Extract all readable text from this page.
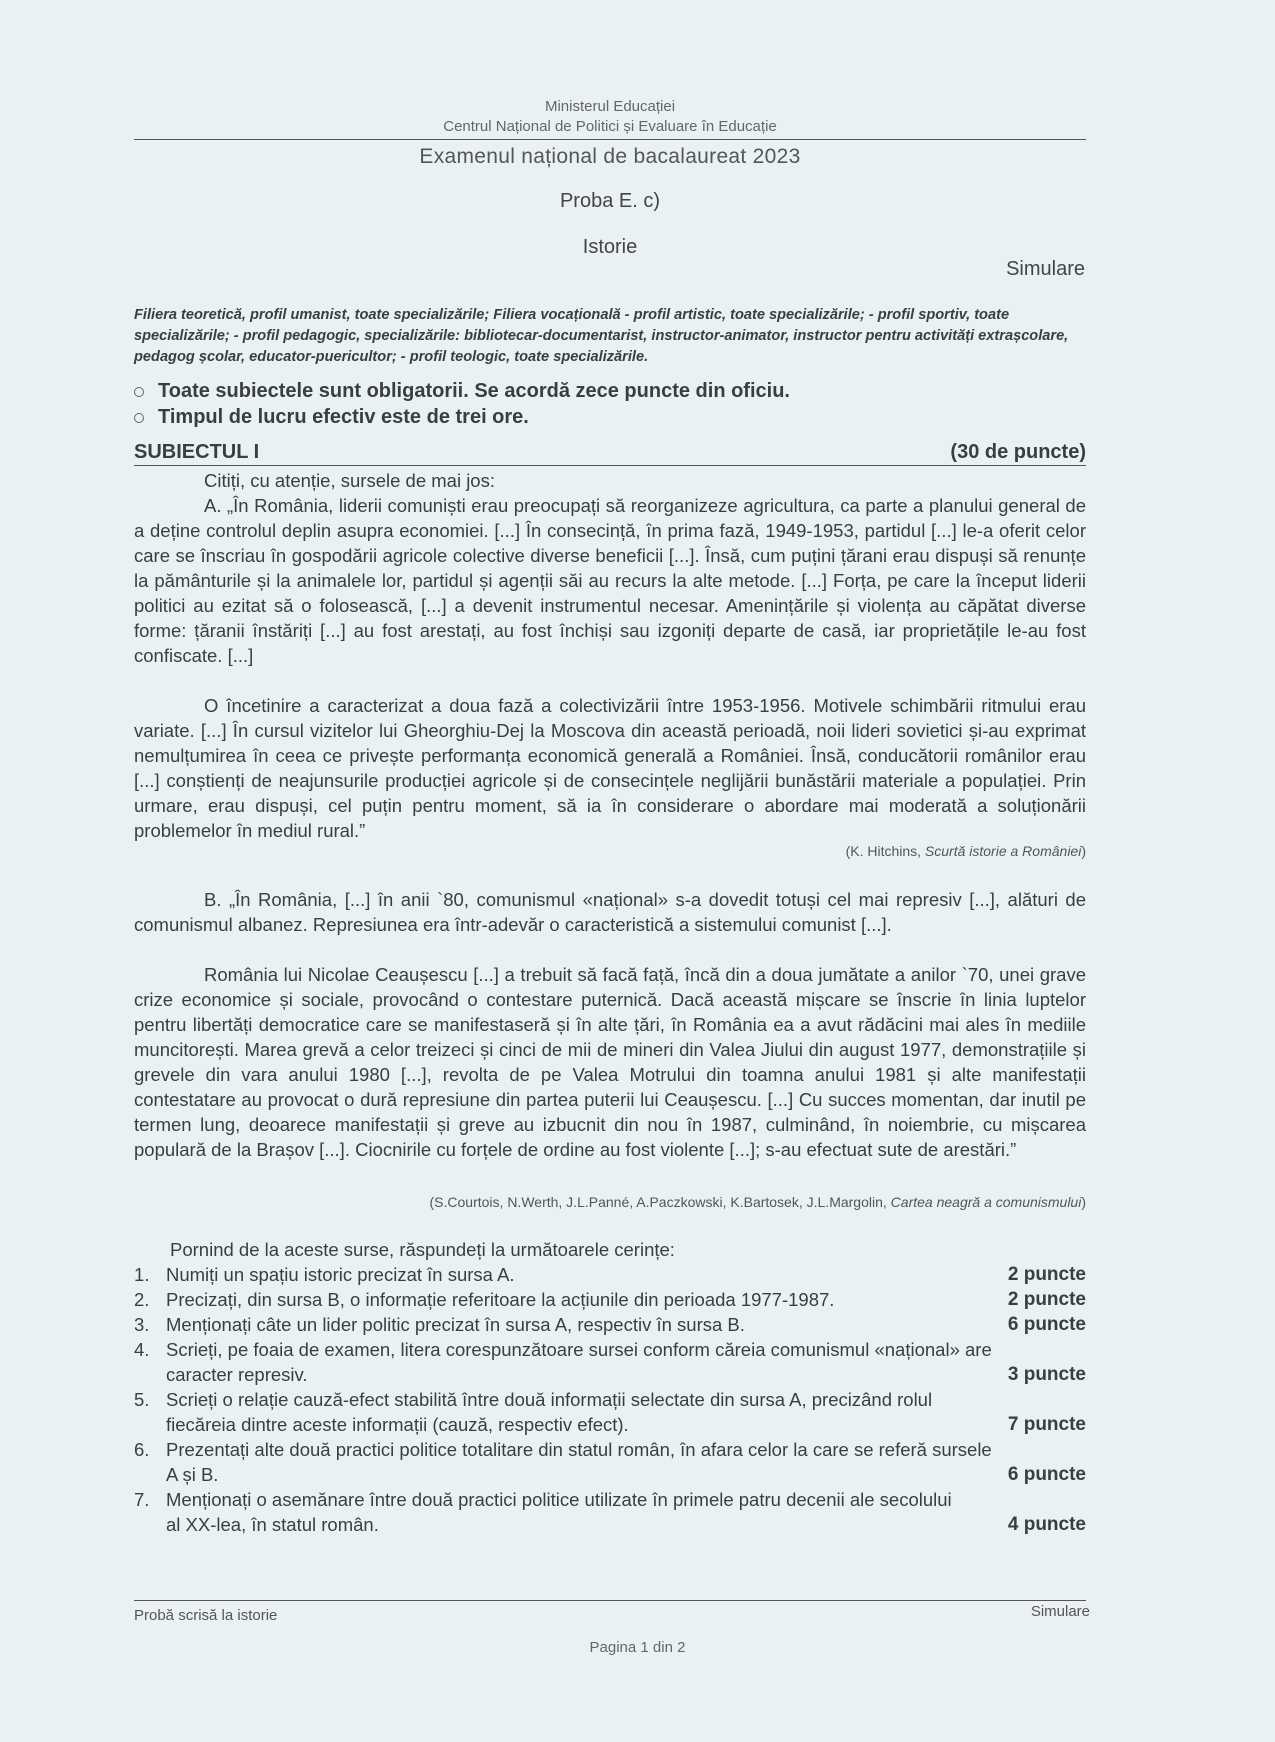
Ministerul Educației
Centrul Național de Politici și Evaluare în Educație
Examenul național de bacalaureat 2023
Proba E. c)
Istorie
Simulare
Filiera teoretică, profil umanist, toate specializările; Filiera vocațională - profil artistic, toate specializările; - profil sportiv, toate specializările; - profil pedagogic, specializările: bibliotecar-documentarist, instructor-animator, instructor pentru activități extrașcolare, pedagog școlar, educator-puericultor; - profil teologic, toate specializările.
Toate subiectele sunt obligatorii. Se acordă zece puncte din oficiu.
Timpul de lucru efectiv este de trei ore.
SUBIECTUL I	(30 de puncte)
Citiți, cu atenție, sursele de mai jos:
A. „În România, liderii comuniști erau preocupați să reorganizeze agricultura, ca parte a planului general de a deține controlul deplin asupra economiei. [...] În consecință, în prima fază, 1949-1953, partidul [...] le-a oferit celor care se înscriau în gospodării agricole colective diverse beneficii [...]. Însă, cum puțini țărani erau dispuși să renunțe la pământurile și la animalele lor, partidul și agenții săi au recurs la alte metode. [...] Forța, pe care la început liderii politici au ezitat să o folosească, [...] a devenit instrumentul necesar. Amenințările și violența au căpătat diverse forme: țăranii înstăriți [...] au fost arestați, au fost închiși sau izgoniți departe de casă, iar proprietățile le-au fost confiscate. [...]
O încetinire a caracterizat a doua fază a colectivizării între 1953-1956. Motivele schimbării ritmului erau variate. [...] În cursul vizitelor lui Gheorghiu-Dej la Moscova din această perioadă, noii lideri sovietici și-au exprimat nemulțumirea în ceea ce privește performanța economică generală a României. Însă, conducătorii românilor erau [...] conștienți de neajunsurile producției agricole și de consecințele neglijării bunăstării materiale a populației. Prin urmare, erau dispuși, cel puțin pentru moment, să ia în considerare o abordare mai moderată a soluționării problemelor în mediul rural.”
(K. Hitchins, Scurtă istorie a României)
B. „În România, [...] în anii `80, comunismul «național» s-a dovedit totuși cel mai represiv [...], alături de comunismul albanez. Represiunea era într-adevăr o caracteristică a sistemului comunist [...].
România lui Nicolae Ceaușescu [...] a trebuit să facă față, încă din a doua jumătate a anilor `70, unei grave crize economice și sociale, provocând o contestare puternică. Dacă această mișcare se înscrie în linia luptelor pentru libertăți democratice care se manifestaseră și în alte țări, în România ea a avut rădăcini mai ales în mediile muncitorești. Marea grevă a celor treizeci și cinci de mii de mineri din Valea Jiului din august 1977, demonstrațiile și grevele din vara anului 1980 [...], revolta de pe Valea Motrului din toamna anului 1981 și alte manifestații contestatare au provocat o dură represiune din partea puterii lui Ceaușescu. [...] Cu succes momentan, dar inutil pe termen lung, deoarece manifestații și greve au izbucnit din nou în 1987, culminând, în noiembrie, cu mișcarea populară de la Brașov [...]. Ciocnirile cu forțele de ordine au fost violente [...]; s-au efectuat sute de arestări.”
(S.Courtois, N.Werth, J.L.Panné, A.Paczkowski, K.Bartosek, J.L.Margolin, Cartea neagră a comunismului)
Pornind de la aceste surse, răspundeți la următoarele cerințe:
1. Numiți un spațiu istoric precizat în sursa A.	2 puncte
2. Precizați, din sursa B, o informație referitoare la acțiunile din perioada 1977-1987.	2 puncte
3. Menționați câte un lider politic precizat în sursa A, respectiv în sursa B.	6 puncte
4. Scrieți, pe foaia de examen, litera corespunzătoare sursei conform căreia comunismul «național» are
caracter represiv.	3 puncte
5. Scrieți o relație cauză-efect stabilită între două informații selectate din sursa A, precizând rolul
fiecăreia dintre aceste informații (cauză, respectiv efect).	7 puncte
6. Prezentați alte două practici politice totalitare din statul român, în afara celor la care se referă sursele
A și B.	6 puncte
7. Menționați o asemănare între două practici politice utilizate în primele patru decenii ale secolului
al XX-lea, în statul român.	4 puncte
Probă scrisă la istorie	Simulare
Pagina 1 din 2
